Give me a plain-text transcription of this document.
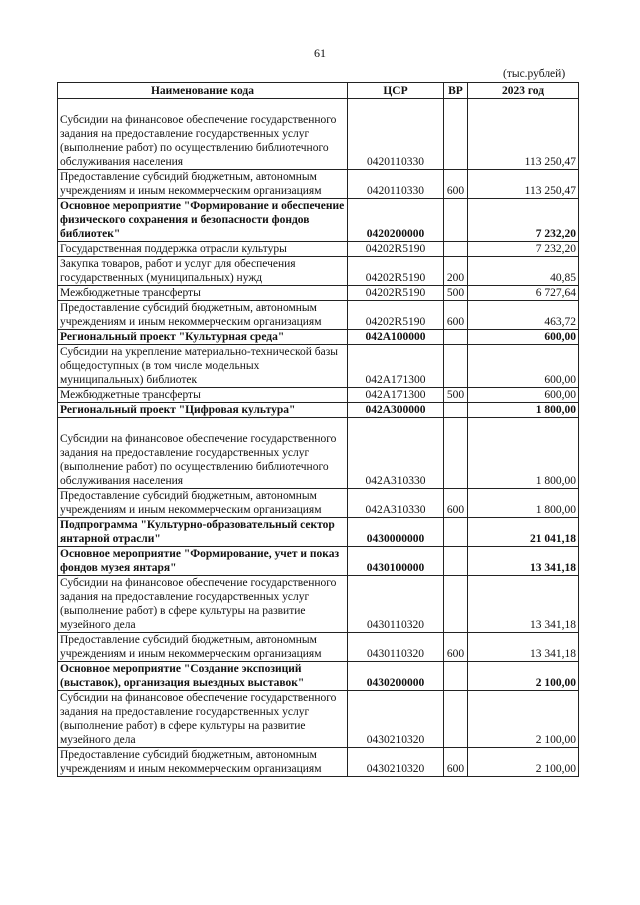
61
(тыс.рублей)
Наименование кода	ЦСР	ВР	2023 год
Субсидии на финансовое обеспечение государственного задания на предоставление государственных услуг (выполнение работ) по осуществлению библиотечного обслуживания населения	0420110330		113 250,47
Предоставление субсидий бюджетным, автономным учреждениям и иным некоммерческим организациям	0420110330	600	113 250,47
Основное мероприятие "Формирование и обеспечение физического сохранения и безопасности фондов библиотек"	0420200000		7 232,20
Государственная поддержка отрасли культуры	04202R5190		7 232,20
Закупка товаров, работ и услуг для обеспечения государственных (муниципальных) нужд	04202R5190	200	40,85
Межбюджетные трансферты	04202R5190	500	6 727,64
Предоставление субсидий бюджетным, автономным учреждениям и иным некоммерческим организациям	04202R5190	600	463,72
Региональный проект "Культурная среда"	042A100000		600,00
Субсидии на укрепление материально-технической базы общедоступных (в том числе модельных муниципальных) библиотек	042A171300		600,00
Межбюджетные трансферты	042A171300	500	600,00
Региональный проект "Цифровая культура"	042A300000		1 800,00
Субсидии на финансовое обеспечение государственного задания на предоставление государственных услуг (выполнение работ) по осуществлению библиотечного обслуживания населения	042A310330		1 800,00
Предоставление субсидий бюджетным, автономным учреждениям и иным некоммерческим организациям	042A310330	600	1 800,00
Подпрограмма "Культурно-образовательный сектор янтарной отрасли"	0430000000		21 041,18
Основное мероприятие "Формирование, учет и показ фондов музея янтаря"	0430100000		13 341,18
Субсидии на финансовое обеспечение государственного задания на предоставление государственных услуг (выполнение работ) в сфере культуры на развитие музейного дела	0430110320		13 341,18
Предоставление субсидий бюджетным, автономным учреждениям и иным некоммерческим организациям	0430110320	600	13 341,18
Основное мероприятие "Создание экспозиций (выставок), организация выездных выставок"	0430200000		2 100,00
Субсидии на финансовое обеспечение государственного задания на предоставление государственных услуг (выполнение работ) в сфере культуры на развитие музейного дела	0430210320		2 100,00
Предоставление субсидий бюджетным, автономным учреждениям и иным некоммерческим организациям	0430210320	600	2 100,00
